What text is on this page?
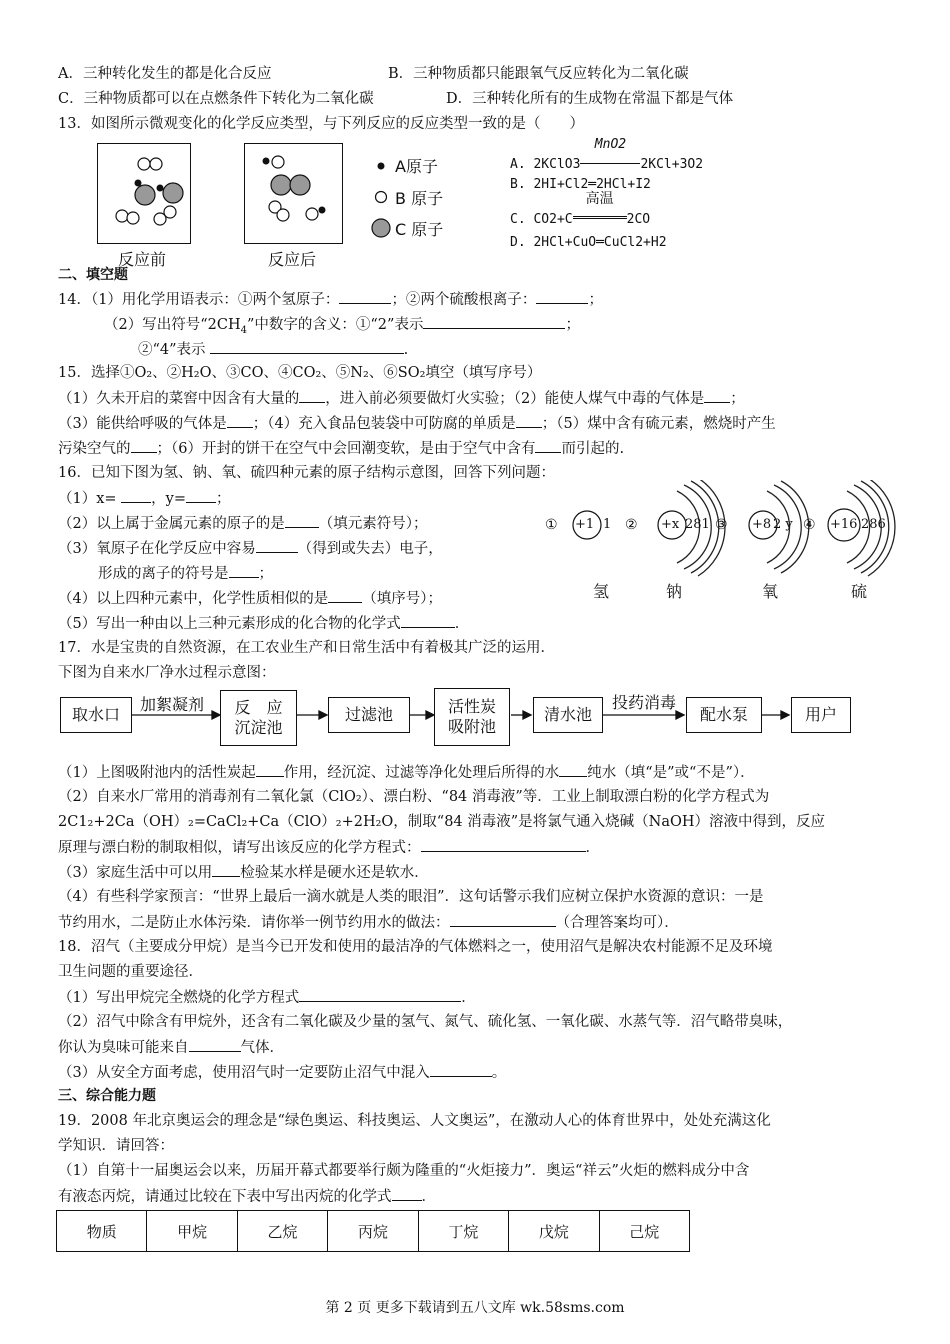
A．三种转化发生的都是化合反应	B．三种物质都只能跟氧气反应转化为二氧化碳
C．三种物质都可以在点燃条件下转化为二氧化碳	D．三种转化所有的生成物在常温下都是气体
13．如图所示微观变化的化学反应类型，与下列反应的反应类型一致的是（　　）
反应前	反应后
A原子
B 原子
C 原子
A. 2KClO3
MnO2
2KCl+3O2
B. 2HI+Cl2═2HCl+I2
C. CO2+C
高温
2CO
D. 2HCl+CuO═CuCl2+H2
二、填空题
14．（1）用化学用语表示：①两个氢原子：	；②两个硫酸根离子：	；
（2）写出符号“$2CH_4$”中数字的含义：①“2”表示	；
②“4”表示	.
15．选择①O₂、②H₂O、③CO、④CO₂、⑤N₂、⑥SO₂填空（填写序号）
（1）久未开启的菜窖中因含有大量的 ，进入前必须要做灯火实验；（2）能使人煤气中毒的气体是 ；
（3）能供给呼吸的气体是 ；（4）充入食品包装袋中可防腐的单质是 ；（5）煤中含有硫元素，燃烧时产生
污染空气的 ；（6）开封的饼干在空气中会回潮变软，是由于空气中含有 而引起的.
16．已知下图为氢、钠、氧、硫四种元素的原子结构示意图，回答下列问题：
（1）x= ，y= ；
（2）以上属于金属元素的原子的是 （填元素符号）；
（3）氧原子在化学反应中容易	（得到或失去）电子，
形成的离子的符号是 ；
（4）以上四种元素中，化学性质相似的是 （填序号）；
（5）写出一种由以上三种元素形成的化合物的化学式	．
① +1 1 ② +x 281 ③ +8 2 y ④ +16 286
氢	钠	氧	硫
17．水是宝贵的自然资源，在工农业生产和日常生活中有着极其广泛的运用．
下图为自来水厂净水过程示意图：
取水口
加絮凝剂	反　应
沉淀池
过滤池	活性炭
吸附池
清水池
投药消毒
配水泵	用户
（1）上图吸附池内的活性炭起 作用，经沉淀、过滤等净化处理后所得的水 纯水（填“是”或“不是”）．
（2）自来水厂常用的消毒剂有二氧化氯（ClO₂）、漂白粉、“84 消毒液”等．工业上制取漂白粉的化学方程式为
2C1₂+2Ca（OH）₂=CaCl₂+Ca（ClO）₂+2H₂O，制取“84 消毒液”是将氯气通入烧碱（NaOH）溶液中得到，反应
原理与漂白粉的制取相似，请写出该反应的化学方程式：	．
（3）家庭生活中可以用 检验某水样是硬水还是软水．
（4）有些科学家预言：“世界上最后一滴水就是人类的眼泪”．这句话警示我们应树立保护水资源的意识：一是
节约用水，二是防止水体污染．请你举一例节约用水的做法：	（合理答案均可）．
18．沼气（主要成分甲烷）是当今已开发和使用的最洁净的气体燃料之一，使用沼气是解决农村能源不足及环境
卫生问题的重要途径．
（1）写出甲烷完全燃烧的化学方程式	．
（2）沼气中除含有甲烷外，还含有二氧化碳及少量的氢气、氮气、硫化氢、一氧化碳、水蒸气等．沼气略带臭味，
你认为臭味可能来自	气体．
（3）从安全方面考虑，使用沼气时一定要防止沼气中混入	。
三、综合能力题
19．2008 年北京奥运会的理念是“绿色奥运、科技奥运、人文奥运”，在激动人心的体育世界中，处处充满这化
学知识．请回答：
（1）自第十一届奥运会以来，历届开幕式都要举行颇为隆重的“火炬接力”．奥运“祥云”火炬的燃料成分中含
有液态丙烷，请通过比较在下表中写出丙烷的化学式 ．
物质	甲烷	乙烷	丙烷	丁烷	戊烷	己烷
第 2 页 更多下载请到五八文库 wk.58sms.com
